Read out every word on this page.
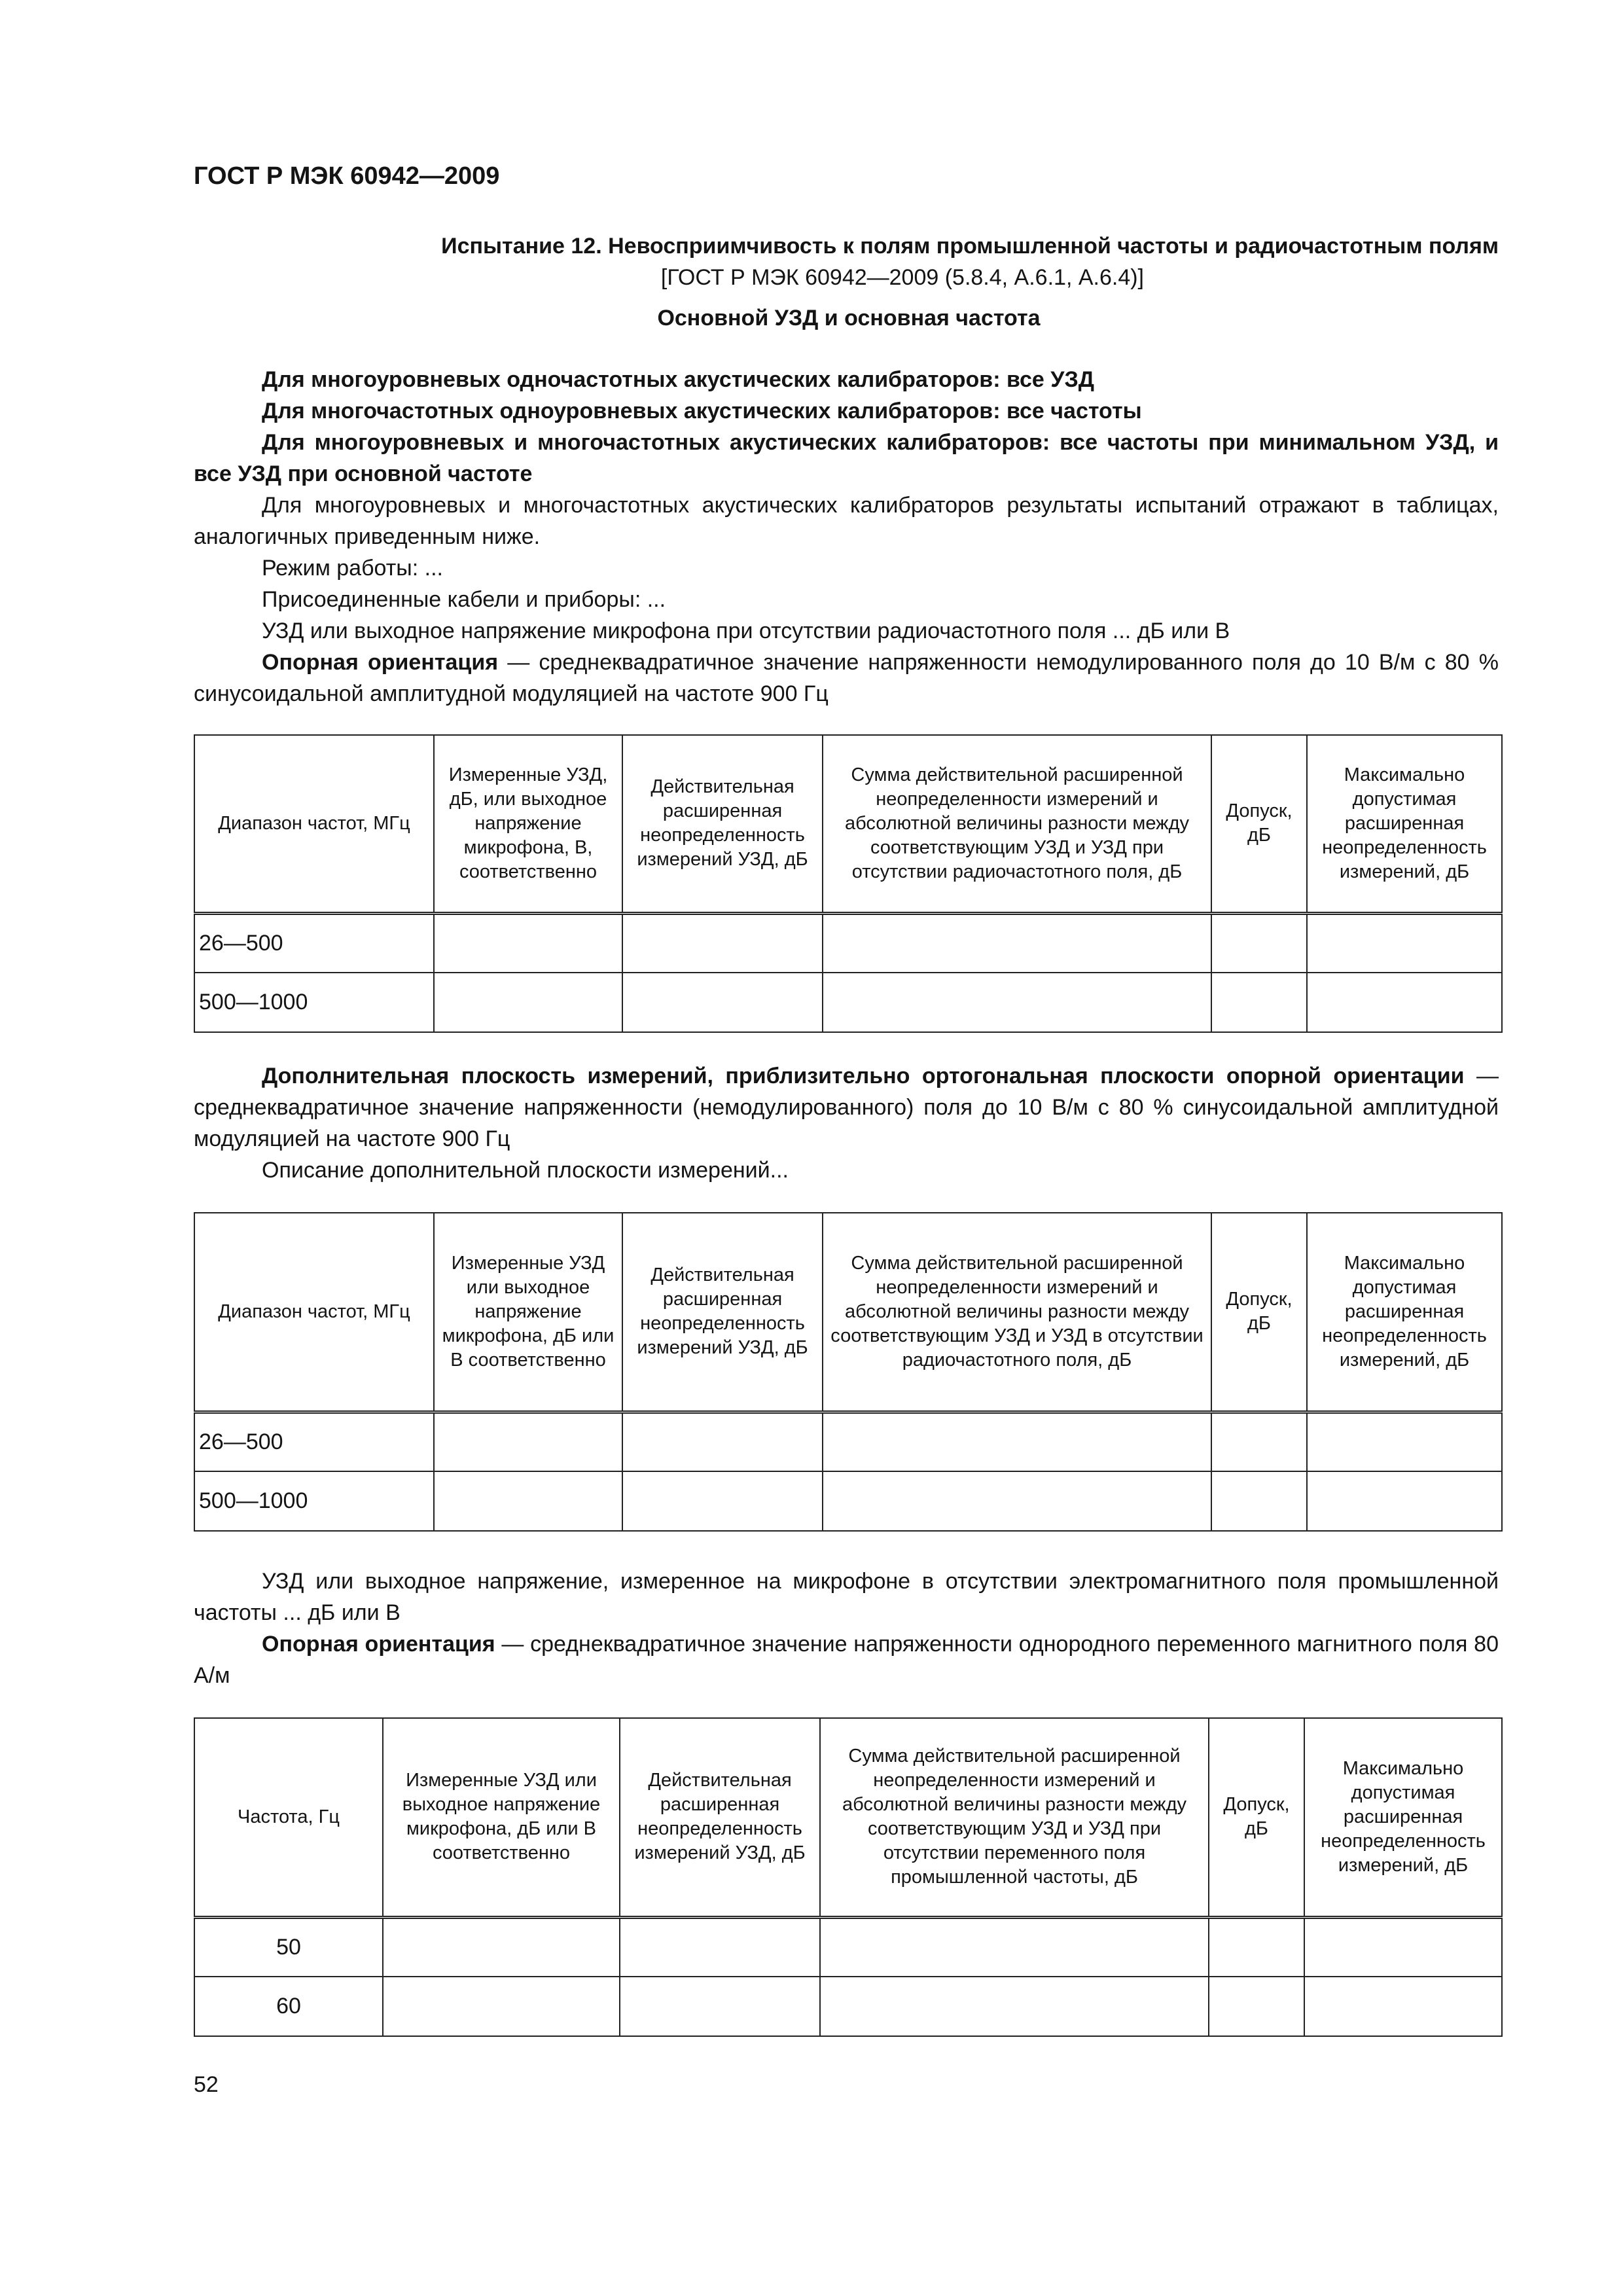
ГОСТ Р МЭК 60942—2009
Испытание 12. Невосприимчивость к полям промышленной частоты и радиочастотным полям
[ГОСТ Р МЭК 60942—2009 (5.8.4, А.6.1, А.6.4)]
Основной УЗД и основная частота

Для многоуровневых одночастотных акустических калибраторов: все УЗД

Для многочастотных одноуровневых акустических калибраторов: все частоты

Для многоуровневых и многочастотных акустических калибраторов: все частоты при минимальном УЗД, и все УЗД при основной частоте

Для многоуровневых и многочастотных акустических калибраторов результаты испытаний отражают в таблицах, аналогичных приведенным ниже.

Режим работы: ...

Присоединенные кабели и приборы: ...

УЗД или выходное напряжение микрофона при отсутствии радиочастотного поля ... дБ или В

Опорная ориентация — среднеквадратичное значение напряженности немодулированного поля до 10 В/м с 80 % синусоидальной амплитудной модуляцией на частоте 900 Гц

Диапазон частот, МГц	Измеренные УЗД, дБ, или выходное напряжение микрофона, В, соответственно	Действительная расширенная неопределенность измерений УЗД, дБ	Сумма действительной расширенной неопределенности измерений и абсолютной величины разности между соответствующим УЗД и УЗД при отсутствии радиочастотного поля, дБ	Допуск, дБ	Максимально допустимая расширенная неопределенность измерений, дБ
26—500					
500—1000					

Дополнительная плоскость измерений, приблизительно ортогональная плоскости опорной ориентации — среднеквадратичное значение напряженности (немодулированного) поля до 10 В/м с 80 % синусоидальной амплитудной модуляцией на частоте 900 Гц

Описание дополнительной плоскости измерений...

Диапазон частот, МГц	Измеренные УЗД или выходное напряжение микрофона, дБ или В соответственно	Действительная расширенная неопределенность измерений УЗД, дБ	Сумма действительной расширенной неопределенности измерений и абсолютной величины разности между соответствующим УЗД и УЗД в отсутствии радиочастотного поля, дБ	Допуск, дБ	Максимально допустимая расширенная неопределенность измерений, дБ
26—500					
500—1000					

УЗД или выходное напряжение, измеренное на микрофоне в отсутствии электромагнитного поля промышленной частоты ... дБ или В

Опорная ориентация — среднеквадратичное значение напряженности однородного переменного магнитного поля 80 А/м

Частота, Гц	Измеренные УЗД или выходное напряжение микрофона, дБ или В соответственно	Действительная расширенная неопределенность измерений УЗД, дБ	Сумма действительной расширенной неопределенности измерений и абсолютной величины разности между соответствующим УЗД и УЗД при отсутствии переменного поля промышленной частоты, дБ	Допуск, дБ	Максимально допустимая расширенная неопределенность измерений, дБ
50					
60					
52
